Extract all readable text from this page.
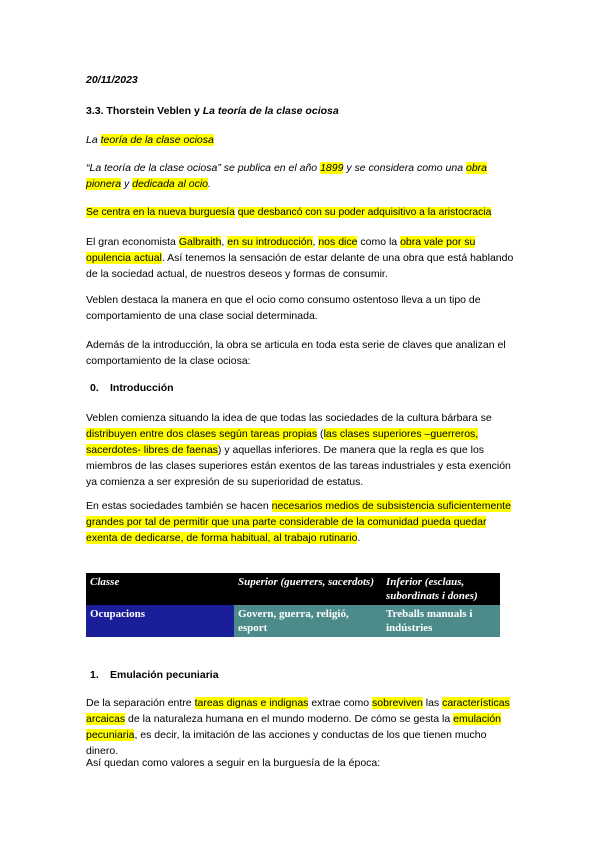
20/11/2023
3.3. Thorstein Veblen y La teoría de la clase ociosa
La teoría de la clase ociosa
“La teoría de la clase ociosa” se publica en el año 1899 y se considera como una obra pionera y dedicada al ocio.
Se centra en la nueva burguesía que desbancó con su poder adquisitivo a la aristocracia
El gran economista Galbraith, en su introducción, nos dice como la obra vale por su opulencia actual. Así tenemos la sensación de estar delante de una obra que está hablando de la sociedad actual, de nuestros deseos y formas de consumir.
Veblen destaca la manera en que el ocio como consumo ostentoso lleva a un tipo de comportamiento de una clase social determinada.
Además de la introducción, la obra se articula en toda esta serie de claves que analizan el comportamiento de la clase ociosa:
0. Introducción
Veblen comienza situando la idea de que todas las sociedades de la cultura bárbara se distribuyen entre dos clases según tareas propias (las clases superiores –guerreros, sacerdotes- libres de faenas) y aquellas inferiores. De manera que la regla es que los miembros de las clases superiores están exentos de las tareas industriales y esta exención ya comienza a ser expresión de su superioridad de estatus.
En estas sociedades también se hacen necesarios medios de subsistencia suficientemente grandes por tal de permitir que una parte considerable de la comunidad pueda quedar exenta de dedicarse, de forma habitual, al trabajo rutinario.
Classe	Superior (guerrers, sacerdots)	Inferior (esclaus, subordinats i dones)
Ocupacions	Govern, guerra, religió, esport	Treballs manuals i indústries
1. Emulación pecuniaria
De la separación entre tareas dignas e indignas extrae como sobreviven las características arcaicas de la naturaleza humana en el mundo moderno. De cómo se gesta la emulación pecuniaria, es decir, la imitación de las acciones y conductas de los que tienen mucho dinero.
Así quedan como valores a seguir en la burguesía de la época:
